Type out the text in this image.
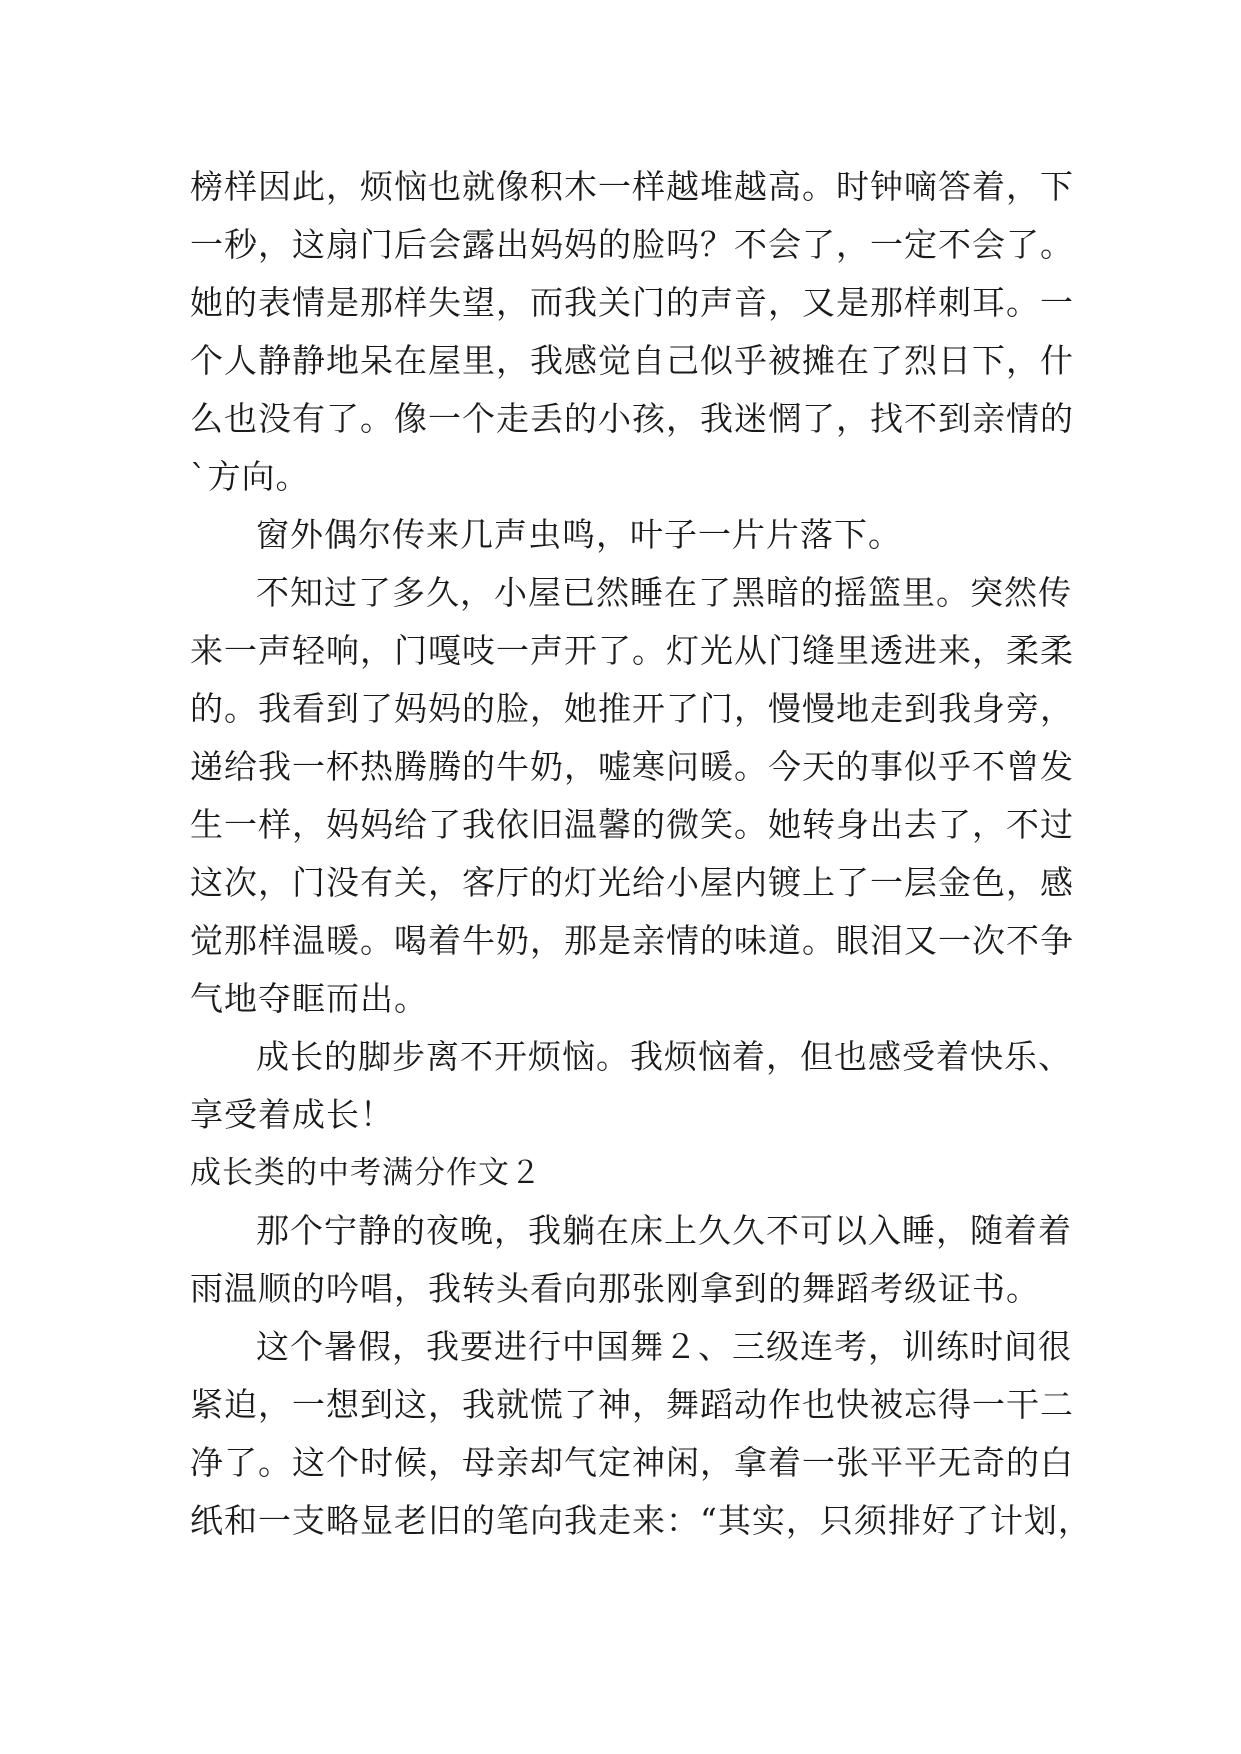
榜样因此，烦恼也就像积木一样越堆越高。时钟嘀答着，下
一秒，这扇门后会露出妈妈的脸吗？不会了，一定不会了。
她的表情是那样失望，而我关门的声音，又是那样刺耳。一
个人静静地呆在屋里，我感觉自己似乎被摊在了烈日下，什
么也没有了。像一个走丢的小孩，我迷惘了，找不到亲情的
`方向。
窗外偶尔传来几声虫鸣，叶子一片片落下。
不知过了多久，小屋已然睡在了黑暗的摇篮里。突然传
来一声轻响，门嘎吱一声开了。灯光从门缝里透进来，柔柔
的。我看到了妈妈的脸，她推开了门，慢慢地走到我身旁，
递给我一杯热腾腾的牛奶，嘘寒问暖。今天的事似乎不曾发
生一样，妈妈给了我依旧温馨的微笑。她转身出去了，不过
这次，门没有关，客厅的灯光给小屋内镀上了一层金色，感
觉那样温暖。喝着牛奶，那是亲情的味道。眼泪又一次不争
气地夺眶而出。
成长的脚步离不开烦恼。我烦恼着，但也感受着快乐、
享受着成长！
成长类的中考满分作文２
那个宁静的夜晚，我躺在床上久久不可以入睡，随着着
雨温顺的吟唱，我转头看向那张刚拿到的舞蹈考级证书。
这个暑假，我要进行中国舞２、三级连考，训练时间很
紧迫，一想到这，我就慌了神，舞蹈动作也快被忘得一干二
净了。这个时候，母亲却气定神闲，拿着一张平平无奇的白
纸和一支略显老旧的笔向我走来：“其实，只须排好了计划，
